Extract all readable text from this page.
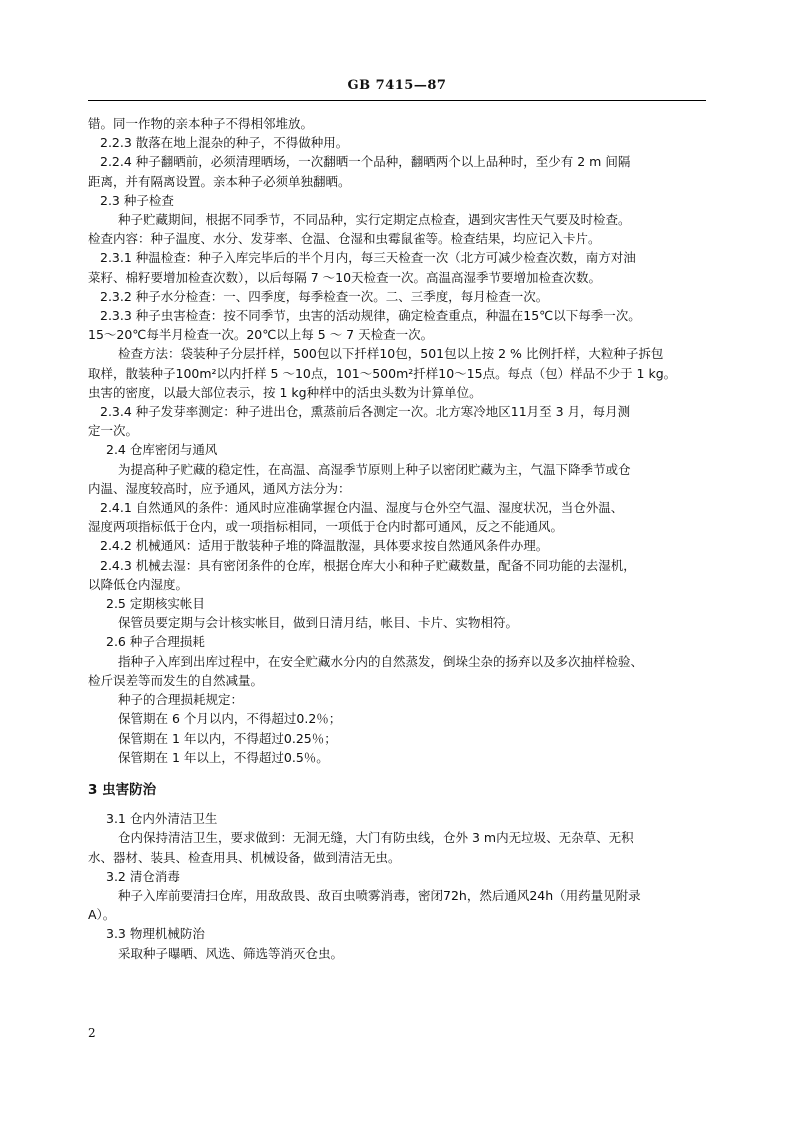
GB 7415—87
错。同一作物的亲本种子不得相邻堆放。
2.2.3 散落在地上混杂的种子，不得做种用。
2.2.4 种子翻晒前，必须清理晒场，一次翻晒一个品种，翻晒两个以上品种时，至少有 2 m 间隔
距离，并有隔离设置。亲本种子必须单独翻晒。
2.3 种子检查
种子贮藏期间，根据不同季节，不同品种，实行定期定点检查，遇到灾害性天气要及时检查。
检查内容：种子温度、水分、发芽率、仓温、仓湿和虫霉鼠雀等。检查结果，均应记入卡片。
2.3.1 种温检查：种子入库完毕后的半个月内，每三天检查一次（北方可减少检查次数，南方对油
菜籽、棉籽要增加检查次数），以后每隔 7 ～10天检查一次。高温高湿季节要增加检查次数。
2.3.2 种子水分检查：一、四季度，每季检查一次。二、三季度，每月检查一次。
2.3.3 种子虫害检查：按不同季节，虫害的活动规律，确定检查重点，种温在15℃以下每季一次。
15～20℃每半月检查一次。20℃以上每 5 ～ 7 天检查一次。
检查方法：袋装种子分层扦样，500包以下扦样10包，501包以上按 2 % 比例扦样，大粒种子拆包
取样，散装种子100m²以内扦样 5 ～10点，101～500m²扦样10～15点。每点（包）样品不少于 1 kg。
虫害的密度，以最大部位表示，按 1 kg种样中的活虫头数为计算单位。
2.3.4 种子发芽率测定：种子进出仓，熏蒸前后各测定一次。北方寒冷地区11月至 3 月，每月测
定一次。
2.4 仓库密闭与通风
为提高种子贮藏的稳定性，在高温、高湿季节原则上种子以密闭贮藏为主，气温下降季节或仓
内温、湿度较高时，应予通风，通风方法分为：
2.4.1 自然通风的条件：通风时应准确掌握仓内温、湿度与仓外空气温、湿度状况，当仓外温、
湿度两项指标低于仓内，或一项指标相同，一项低于仓内时都可通风，反之不能通风。
2.4.2 机械通风：适用于散装种子堆的降温散湿，具体要求按自然通风条件办理。
2.4.3 机械去湿：具有密闭条件的仓库，根据仓库大小和种子贮藏数量，配备不同功能的去湿机，
以降低仓内湿度。
2.5 定期核实帐目
保管员要定期与会计核实帐目，做到日清月结，帐目、卡片、实物相符。
2.6 种子合理损耗
指种子入库到出库过程中，在安全贮藏水分内的自然蒸发，倒垛尘杂的扬弃以及多次抽样检验、
检斤误差等而发生的自然减量。
种子的合理损耗规定：
保管期在 6 个月以内，不得超过0.2％；
保管期在 1 年以内，不得超过0.25％；
保管期在 1 年以上，不得超过0.5％。
3 虫害防治
3.1 仓内外清洁卫生
仓内保持清洁卫生，要求做到：无洞无缝，大门有防虫线，仓外 3 m内无垃圾、无杂草、无积
水、器材、装具、检查用具、机械设备，做到清洁无虫。
3.2 清仓消毒
种子入库前要清扫仓库，用敌敌畏、敌百虫喷雾消毒，密闭72h，然后通风24h（用药量见附录
A）。
3.3 物理机械防治
采取种子曝晒、风选、筛选等消灭仓虫。
2
